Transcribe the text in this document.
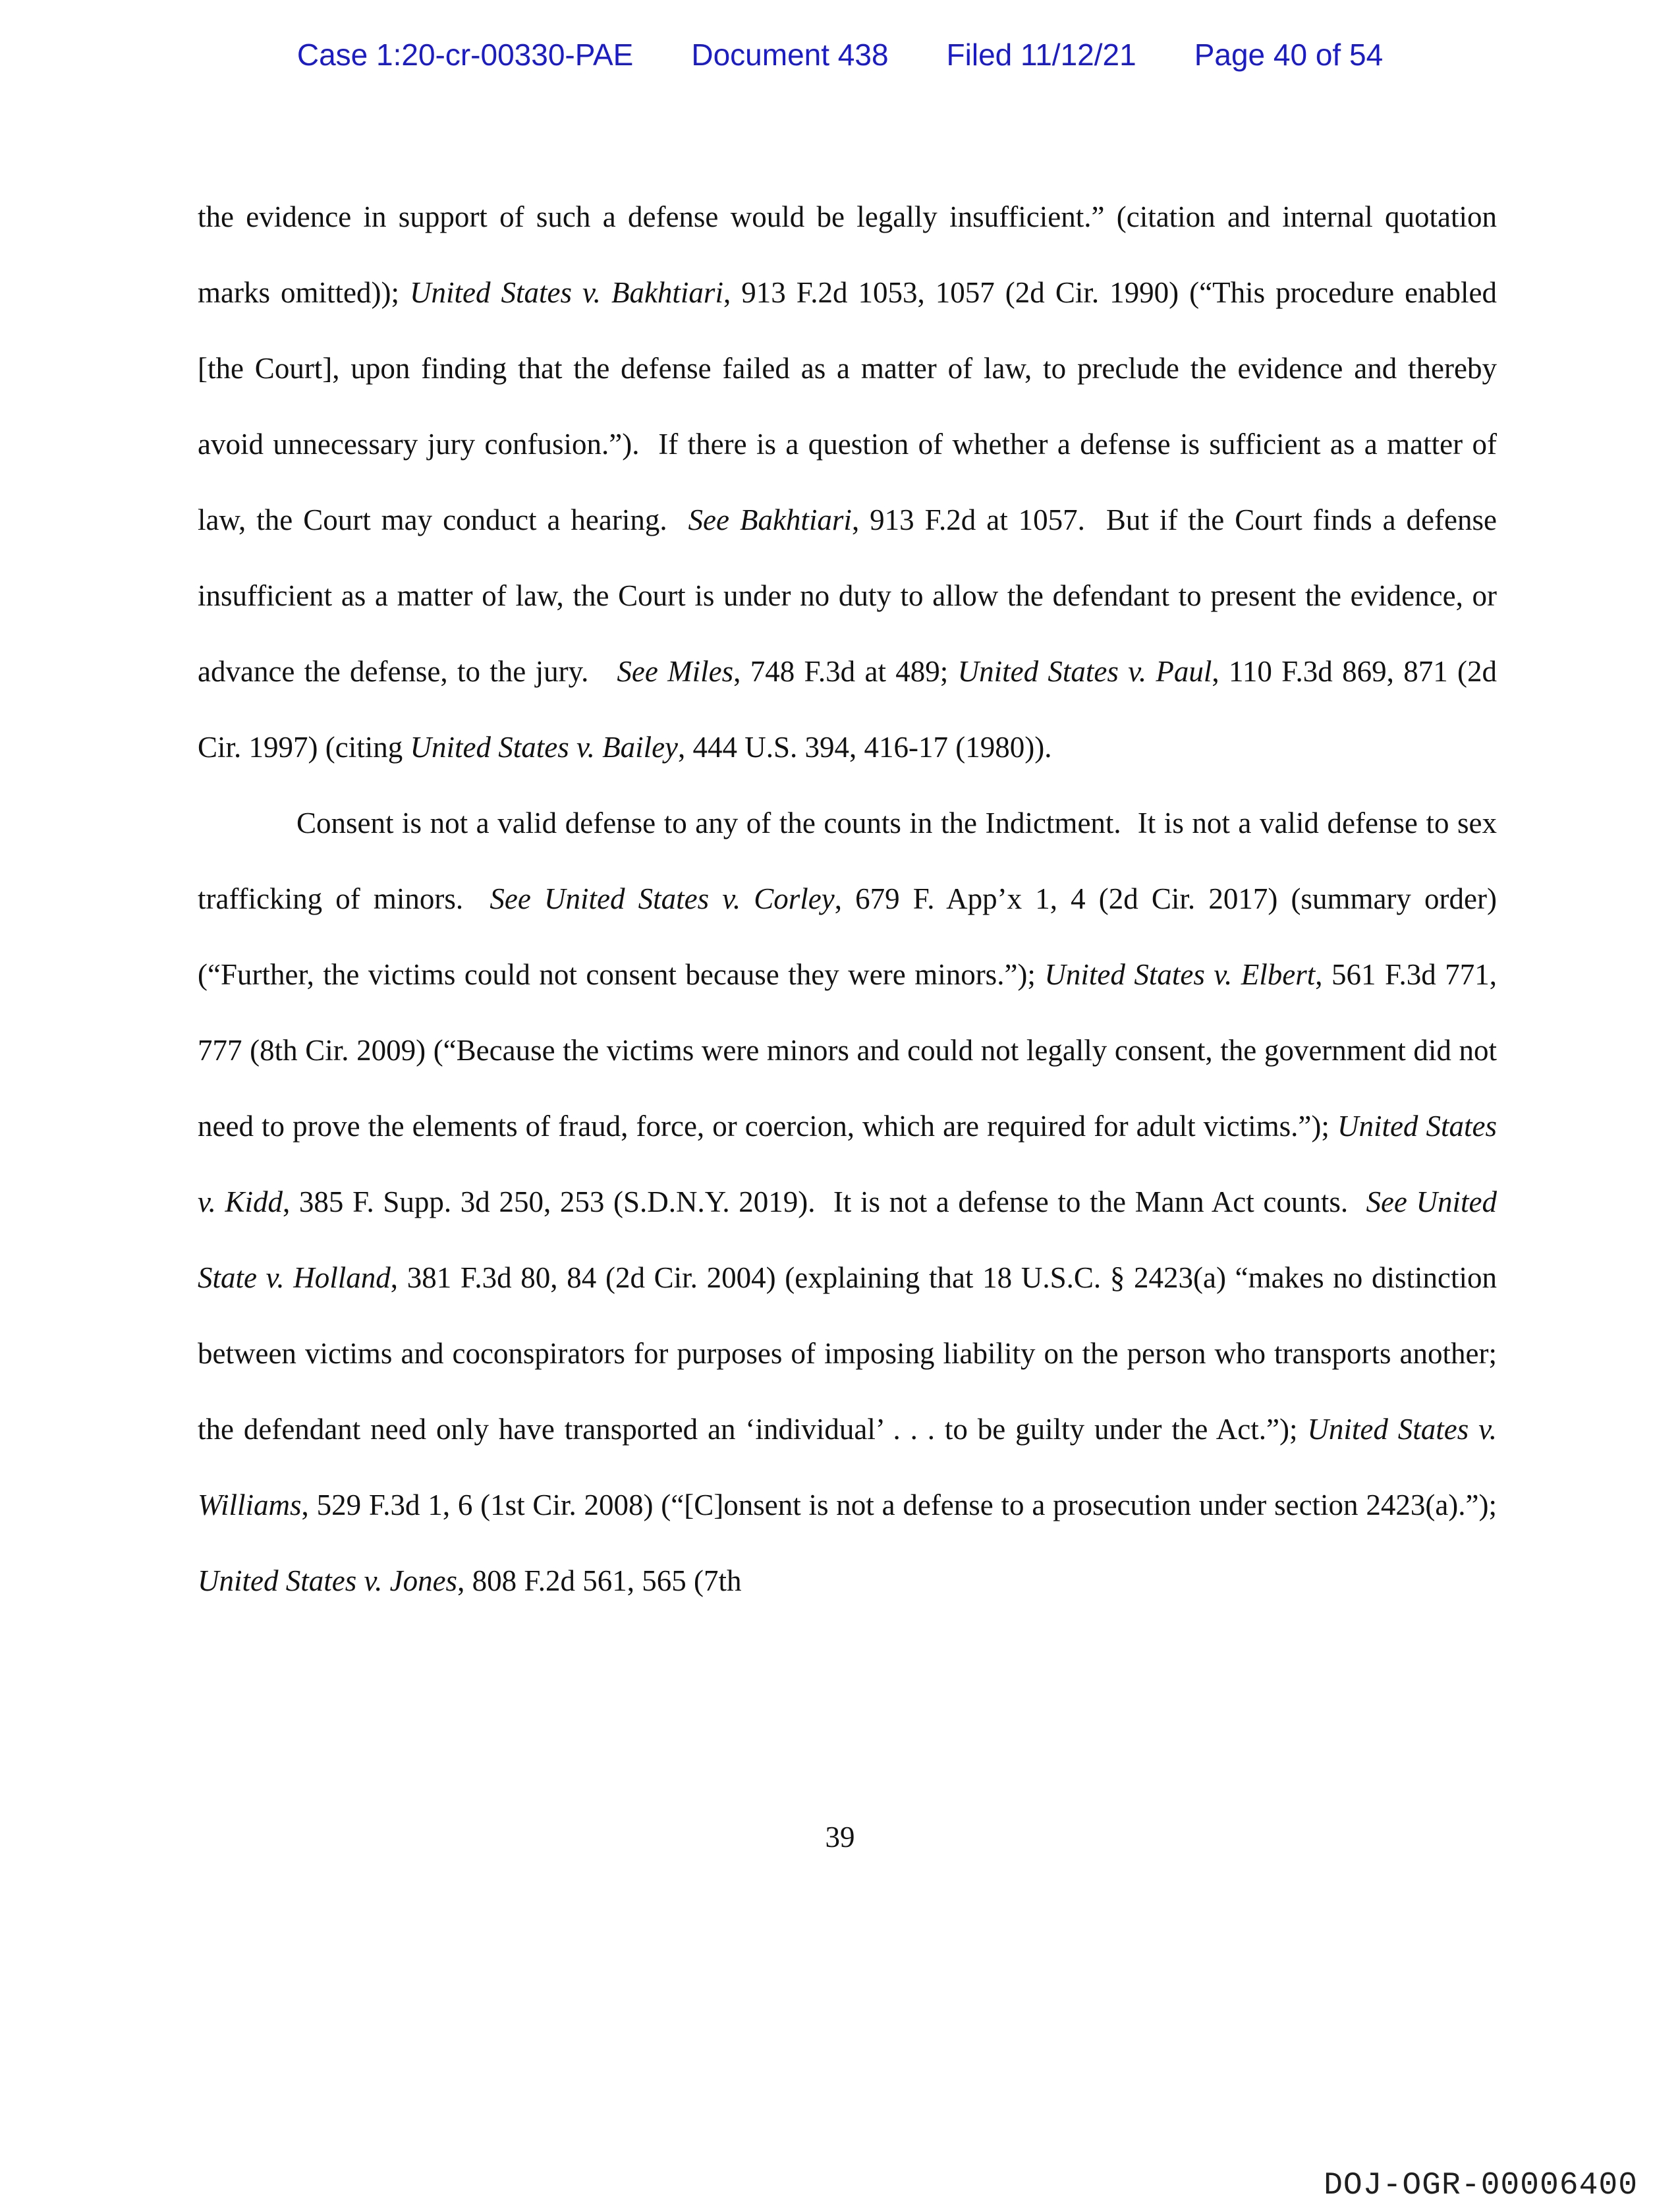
Case 1:20-cr-00330-PAE Document 438 Filed 11/12/21 Page 40 of 54

the evidence in support of such a defense would be legally insufficient.” (citation and internal quotation marks omitted)); United States v. Bakhtiari, 913 F.2d 1053, 1057 (2d Cir. 1990) (“This procedure enabled [the Court], upon finding that the defense failed as a matter of law, to preclude the evidence and thereby avoid unnecessary jury confusion.”).  If there is a question of whether a defense is sufficient as a matter of law, the Court may conduct a hearing.  See Bakhtiari, 913 F.2d at 1057.  But if the Court finds a defense insufficient as a matter of law, the Court is under no duty to allow the defendant to present the evidence, or advance the defense, to the jury.   See Miles, 748 F.3d at 489; United States v. Paul, 110 F.3d 869, 871 (2d Cir. 1997) (citing United States v. Bailey, 444 U.S. 394, 416-17 (1980)).

Consent is not a valid defense to any of the counts in the Indictment.  It is not a valid defense to sex trafficking of minors.  See United States v. Corley, 679 F. App’x 1, 4 (2d Cir. 2017) (summary order) (“Further, the victims could not consent because they were minors.”); United States v. Elbert, 561 F.3d 771, 777 (8th Cir. 2009) (“Because the victims were minors and could not legally consent, the government did not need to prove the elements of fraud, force, or coercion, which are required for adult victims.”); United States v. Kidd, 385 F. Supp. 3d 250, 253 (S.D.N.Y. 2019).  It is not a defense to the Mann Act counts.  See United State v. Holland, 381 F.3d 80, 84 (2d Cir. 2004) (explaining that 18 U.S.C. § 2423(a) “makes no distinction between victims and coconspirators for purposes of imposing liability on the person who transports another; the defendant need only have transported an ‘individual’ . . . to be guilty under the Act.”); United States v. Williams, 529 F.3d 1, 6 (1st Cir. 2008) (“[C]onsent is not a defense to a prosecution under section 2423(a).”); United States v. Jones, 808 F.2d 561, 565 (7th

39
DOJ-OGR-00006400
